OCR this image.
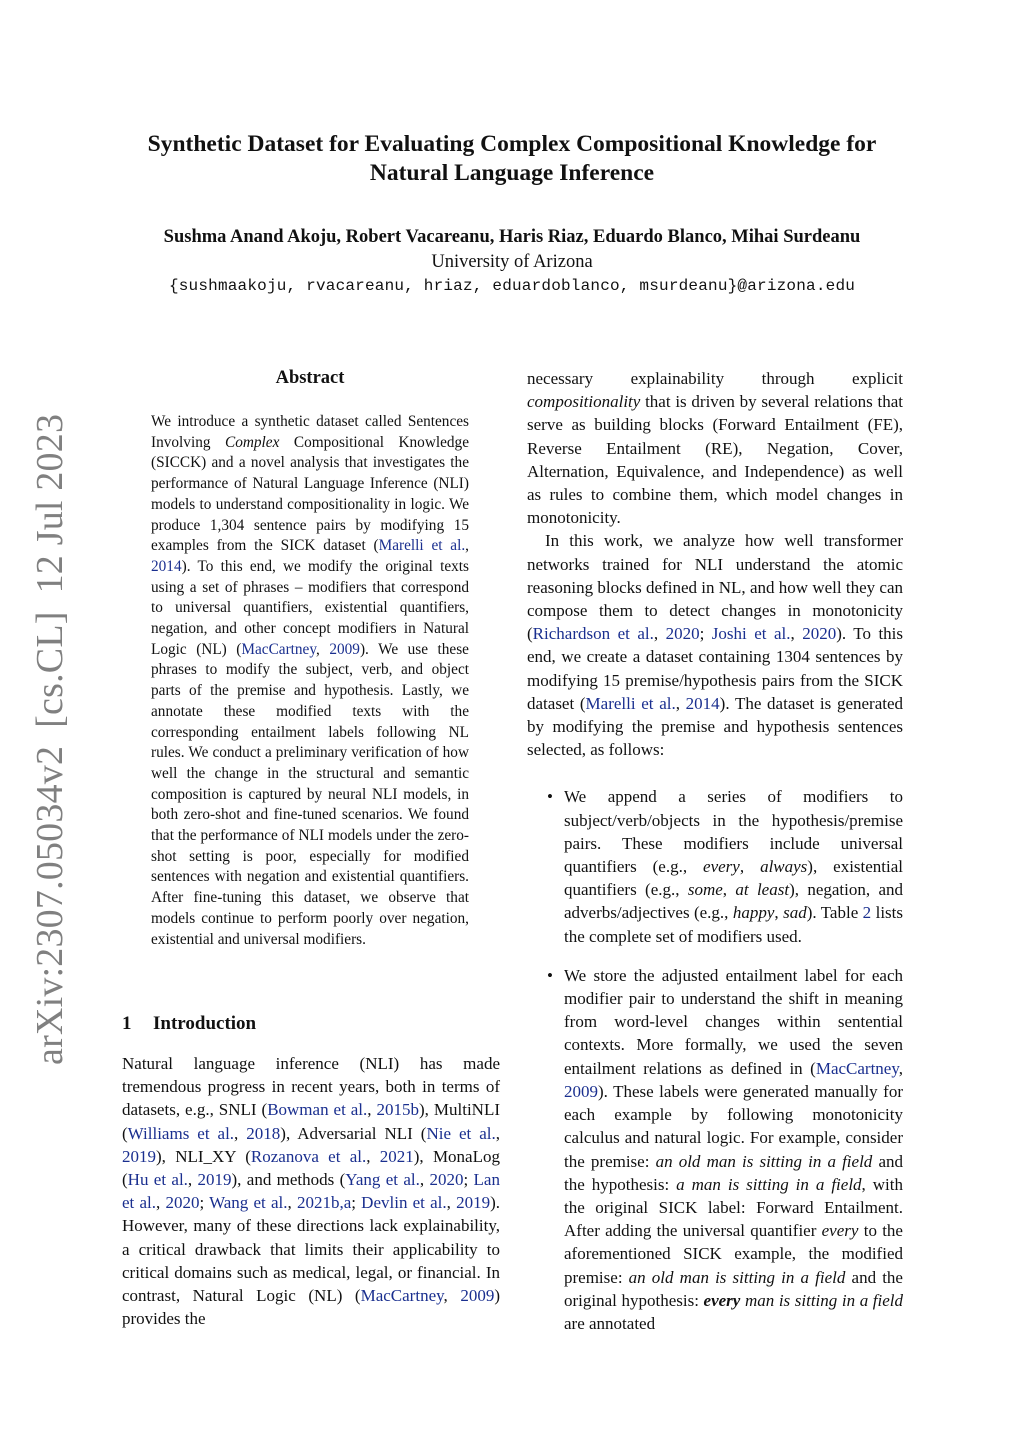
arXiv:2307.05034v2[cs.CL]12 Jul 2023
Synthetic Dataset for Evaluating Complex Compositional Knowledge for
Natural Language Inference
Sushma Anand Akoju, Robert Vacareanu, Haris Riaz, Eduardo Blanco, Mihai Surdeanu
University of Arizona
{sushmaakoju, rvacareanu, hriaz, eduardoblanco, msurdeanu}@arizona.edu
Abstract
We introduce a synthetic dataset called Sentences Involving Complex Compositional Knowledge (SICCK) and a novel analysis that investigates the performance of Natural Language Inference (NLI) models to understand compositionality in logic. We produce 1,304 sentence pairs by modifying 15 examples from the SICK dataset (Marelli et al., 2014). To this end, we modify the original texts using a set of phrases – modifiers that correspond to universal quantifiers, existential quantifiers, negation, and other concept modifiers in Natural Logic (NL) (MacCartney, 2009). We use these phrases to modify the subject, verb, and object parts of the premise and hypothesis. Lastly, we annotate these modified texts with the corresponding entailment labels following NL rules. We conduct a preliminary verification of how well the change in the structural and semantic composition is captured by neural NLI models, in both zero-shot and fine-tuned scenarios. We found that the performance of NLI models under the zero-shot setting is poor, especially for modified sentences with negation and existential quantifiers. After fine-tuning this dataset, we observe that models continue to perform poorly over negation, existential and universal modifiers.
1 Introduction
Natural language inference (NLI) has made tremendous progress in recent years, both in terms of datasets, e.g., SNLI (Bowman et al., 2015b), MultiNLI (Williams et al., 2018), Adversarial NLI (Nie et al., 2019), NLI_XY (Rozanova et al., 2021), MonaLog (Hu et al., 2019), and methods (Yang et al., 2020; Lan et al., 2020; Wang et al., 2021b,a; Devlin et al., 2019). However, many of these directions lack explainability, a critical drawback that limits their applicability to critical domains such as medical, legal, or financial. In contrast, Natural Logic (NL) (MacCartney, 2009) provides the

necessary explainability through explicit compositionality that is driven by several relations that serve as building blocks (Forward Entailment (FE), Reverse Entailment (RE), Negation, Cover, Alternation, Equivalence, and Independence) as well as rules to combine them, which model changes in monotonicity.

In this work, we analyze how well transformer networks trained for NLI understand the atomic reasoning blocks defined in NL, and how well they can compose them to detect changes in monotonicity (Richardson et al., 2020; Joshi et al., 2020). To this end, we create a dataset containing 1304 sentences by modifying 15 premise/hypothesis pairs from the SICK dataset (Marelli et al., 2014). The dataset is generated by modifying the premise and hypothesis sentences selected, as follows:

• We append a series of modifiers to subject/verb/objects in the hypothesis/premise pairs. These modifiers include universal quantifiers (e.g., every, always), existential quantifiers (e.g., some, at least), negation, and adverbs/adjectives (e.g., happy, sad). Table 2 lists the complete set of modifiers used.
• We store the adjusted entailment label for each modifier pair to understand the shift in meaning from word-level changes within sentential contexts. More formally, we used the seven entailment relations as defined in (MacCartney, 2009). These labels were generated manually for each example by following monotonicity calculus and natural logic. For example, consider the premise: an old man is sitting in a field and the hypothesis: a man is sitting in a field, with the original SICK label: Forward Entailment. After adding the universal quantifier every to the aforementioned SICK example, the modified premise: an old man is sitting in a field and the original hypothesis: every man is sitting in a field are annotated
